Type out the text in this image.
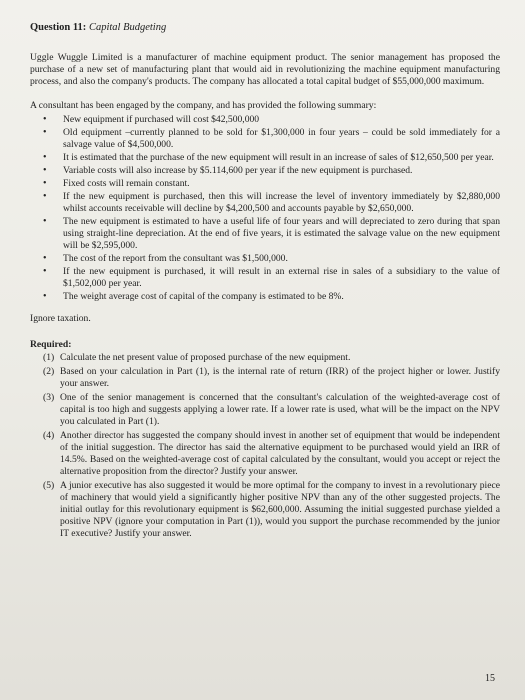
Question 11: Capital Budgeting

Uggle Wuggle Limited is a manufacturer of machine equipment product. The senior management has proposed the purchase of a new set of manufacturing plant that would aid in revolutionizing the machine equipment manufacturing process, and also the company's products. The company has allocated a total capital budget of $55,000,000 maximum.

A consultant has been engaged by the company, and has provided the following summary:

• New equipment if purchased will cost $42,500,000
• Old equipment –currently planned to be sold for $1,300,000 in four years – could be sold immediately for a salvage value of $4,500,000.
• It is estimated that the purchase of the new equipment will result in an increase of sales of $12,650,500 per year.
• Variable costs will also increase by $5.114,600 per year if the new equipment is purchased.
• Fixed costs will remain constant.
• If the new equipment is purchased, then this will increase the level of inventory immediately by $2,880,000 whilst accounts receivable will decline by $4,200,500 and accounts payable by $2,650,000.
• The new equipment is estimated to have a useful life of four years and will depreciated to zero during that span using straight-line depreciation. At the end of five years, it is estimated the salvage value on the new equipment will be $2,595,000.
• The cost of the report from the consultant was $1,500,000.
• If the new equipment is purchased, it will result in an external rise in sales of a subsidiary to the value of $1,502,000 per year.
• The weight average cost of capital of the company is estimated to be 8%.

Ignore taxation.

Required:

(1) Calculate the net present value of proposed purchase of the new equipment.
(2) Based on your calculation in Part (1), is the internal rate of return (IRR) of the project higher or lower. Justify your answer.
(3) One of the senior management is concerned that the consultant's calculation of the weighted-average cost of capital is too high and suggests applying a lower rate. If a lower rate is used, what will be the impact on the NPV you calculated in Part (1).
(4) Another director has suggested the company should invest in another set of equipment that would be independent of the initial suggestion. The director has said the alternative equipment to be purchased would yield an IRR of 14.5%. Based on the weighted-average cost of capital calculated by the consultant, would you accept or reject the alternative proposition from the director? Justify your answer.
(5) A junior executive has also suggested it would be more optimal for the company to invest in a revolutionary piece of machinery that would yield a significantly higher positive NPV than any of the other suggested projects. The initial outlay for this revolutionary equipment is $62,600,000. Assuming the initial suggested purchase yielded a positive NPV (ignore your computation in Part (1)), would you support the purchase recommended by the junior IT executive? Justify your answer.
15
